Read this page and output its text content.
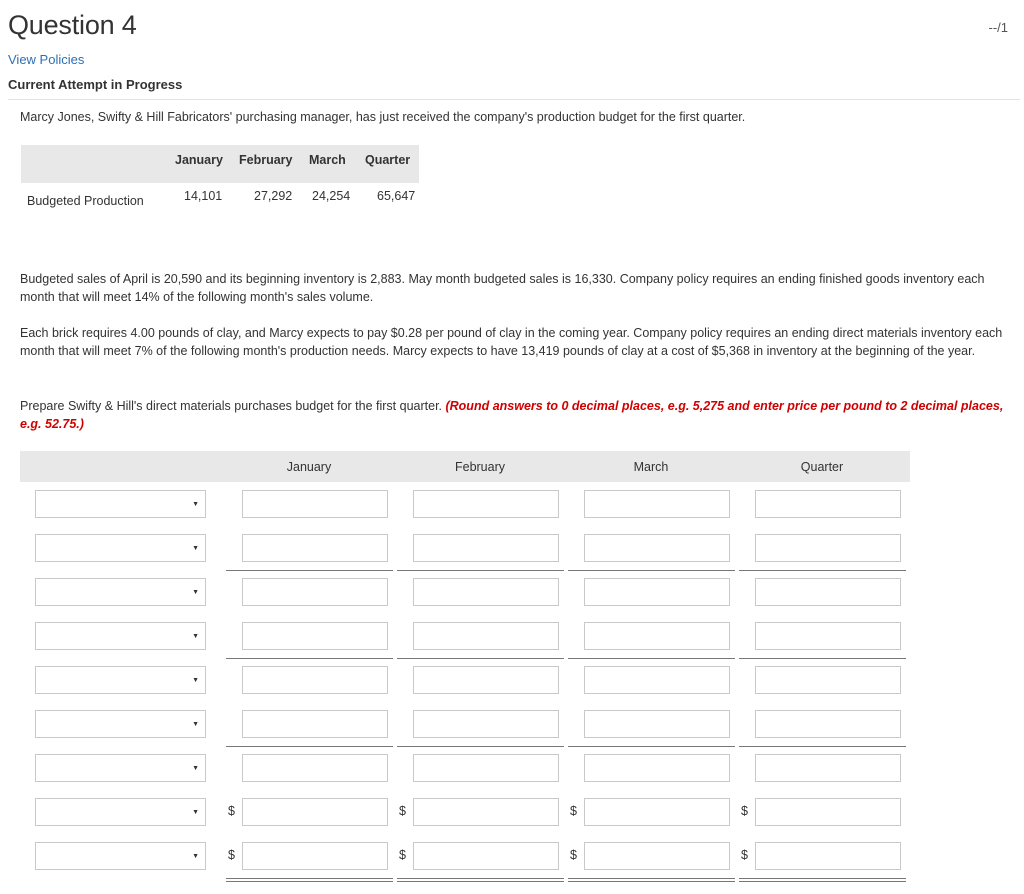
Question 4	--/1
View Policies
Current Attempt in Progress
Marcy Jones, Swifty & Hill Fabricators' purchasing manager, has just received the company's production budget for the first quarter.
January February March Quarter
Budgeted Production	14,101	27,292 24,254 65,647
Budgeted sales of April is 20,590 and its beginning inventory is 2,883. May month budgeted sales is 16,330. Company policy requires an ending finished goods inventory each month that will meet 14% of the following month's sales volume.
Each brick requires 4.00 pounds of clay, and Marcy expects to pay $0.28 per pound of clay in the coming year. Company policy requires an ending direct materials inventory each month that will meet 7% of the following month's production needs. Marcy expects to have 13,419 pounds of clay at a cost of $5,368 in inventory at the beginning of the year.
Prepare Swifty & Hill's direct materials purchases budget for the first quarter. (Round answers to 0 decimal places, e.g. 5,275 and enter price per pound to 2 decimal places, e.g. 52.75.)
January	February	March	Quarter
▼
▼
▼
▼
▼
▼
▼
▼ $	$	$	$
▼ $	$	$	$
